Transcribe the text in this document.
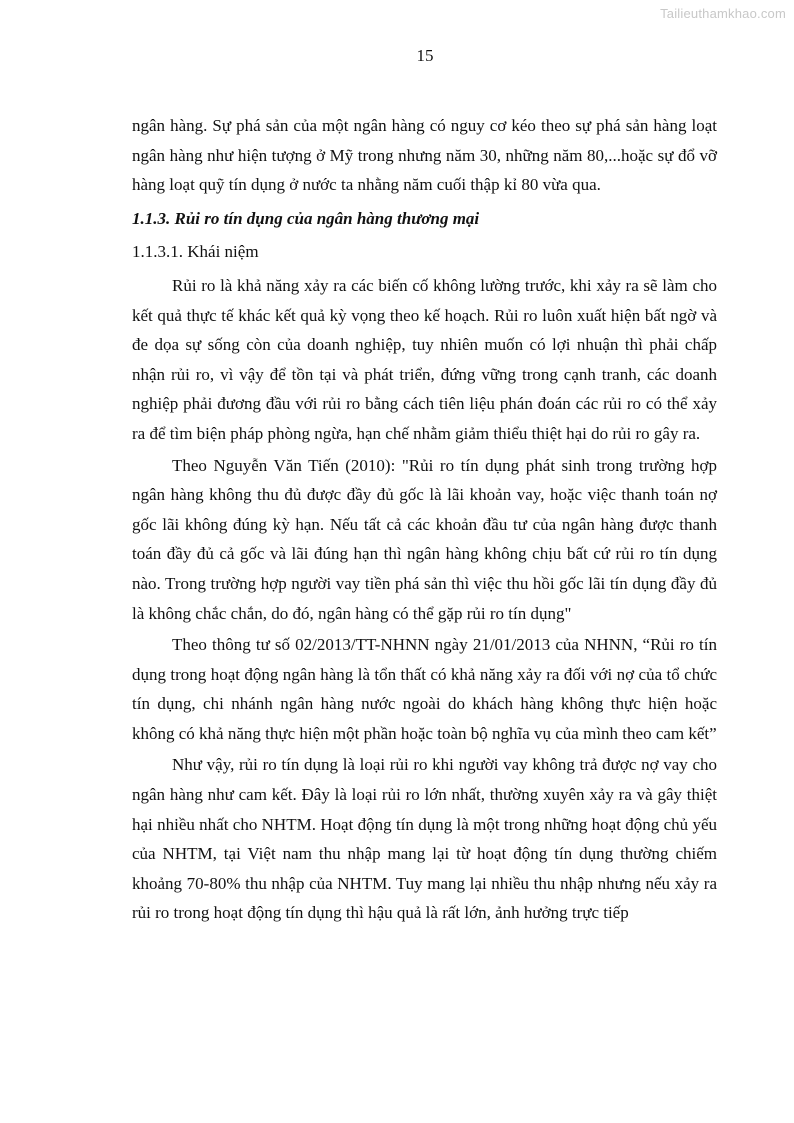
Tailieuthamkhao.com
15

ngân hàng. Sự phá sản của một ngân hàng có nguy cơ kéo theo sự phá sản hàng loạt ngân hàng như hiện tượng ở Mỹ trong nhưng năm 30, những năm 80,...hoặc sự đổ vỡ hàng loạt quỹ tín dụng ở nước ta nhằng năm cuối thập kỉ 80 vừa qua.

1.1.3. Rủi ro tín dụng của ngân hàng thương mại

1.1.3.1. Khái niệm

Rủi ro là khả năng xảy ra các biến cố không lường trước, khi xảy ra sẽ làm cho kết quả thực tế khác kết quả kỳ vọng theo kế hoạch. Rủi ro luôn xuất hiện bất ngờ và đe dọa sự sống còn của doanh nghiệp, tuy nhiên muốn có lợi nhuận thì phải chấp nhận rủi ro, vì vậy để tồn tại và phát triển, đứng vững trong cạnh tranh, các doanh nghiệp phải đương đầu với rủi ro bằng cách tiên liệu phán đoán các rủi ro có thể xảy ra để tìm biện pháp phòng ngừa, hạn chế nhằm giảm thiểu thiệt hại do rủi ro gây ra.

Theo Nguyễn Văn Tiến (2010): "Rủi ro tín dụng phát sinh trong trường hợp ngân hàng không thu đủ được đầy đủ gốc là lãi khoản vay, hoặc việc thanh toán nợ gốc lãi không đúng kỳ hạn. Nếu tất cả các khoản đầu tư của ngân hàng được thanh toán đầy đủ cả gốc và lãi đúng hạn thì ngân hàng không chịu bất cứ rủi ro tín dụng nào. Trong trường hợp người vay tiền phá sản thì việc thu hồi gốc lãi tín dụng đầy đủ là không chắc chắn, do đó, ngân hàng có thể gặp rủi ro tín dụng"

Theo thông tư số 02/2013/TT-NHNN ngày 21/01/2013 của NHNN, “Rủi ro tín dụng trong hoạt động ngân hàng là tổn thất có khả năng xảy ra đối với nợ của tổ chức tín dụng, chi nhánh ngân hàng nước ngoài do khách hàng không thực hiện hoặc không có khả năng thực hiện một phần hoặc toàn bộ nghĩa vụ của mình theo cam kết”

Như vậy, rủi ro tín dụng là loại rủi ro khi người vay không trả được nợ vay cho ngân hàng như cam kết. Đây là loại rủi ro lớn nhất, thường xuyên xảy ra và gây thiệt hại nhiều nhất cho NHTM. Hoạt động tín dụng là một trong những hoạt động chủ yếu của NHTM, tại Việt nam thu nhập mang lại từ hoạt động tín dụng thường chiếm khoảng 70-80% thu nhập của NHTM. Tuy mang lại nhiều thu nhập nhưng nếu xảy ra rủi ro trong hoạt động tín dụng thì hậu quả là rất lớn, ảnh hưởng trực tiếp
